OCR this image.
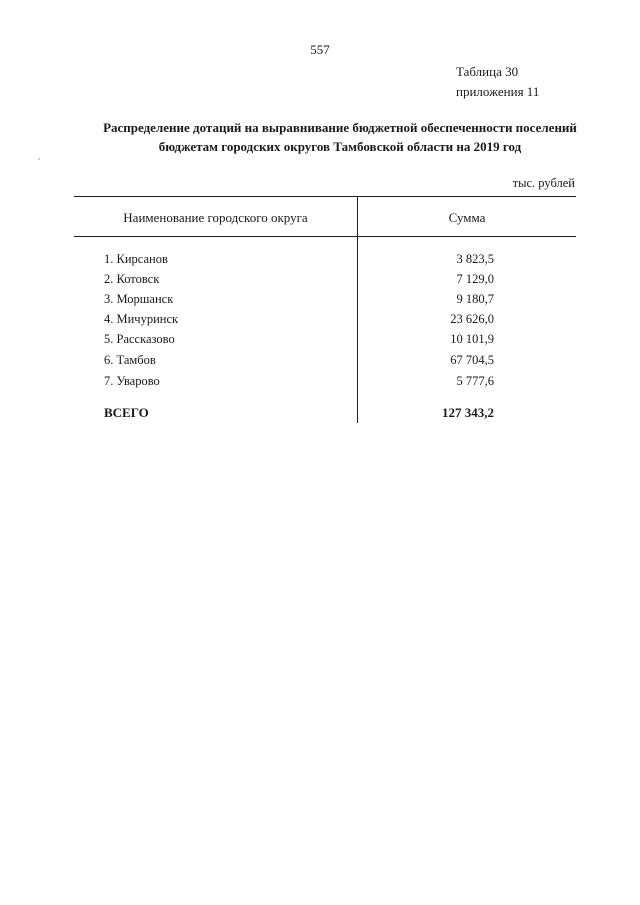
557
Таблица 30
приложения 11
Распределение дотаций на выравнивание бюджетной обеспеченности поселений
бюджетам городских округов Тамбовской области на 2019 год
тыс. рублей
Наименование городского округа	Сумма
1. Кирсанов	3 823,5
2. Котовск	7 129,0
3. Моршанск	9 180,7
4. Мичуринск	23 626,0
5. Рассказово	10 101,9
6. Тамбов	67 704,5
7. Уварово	5 777,6
ВСЕГО	127 343,2
